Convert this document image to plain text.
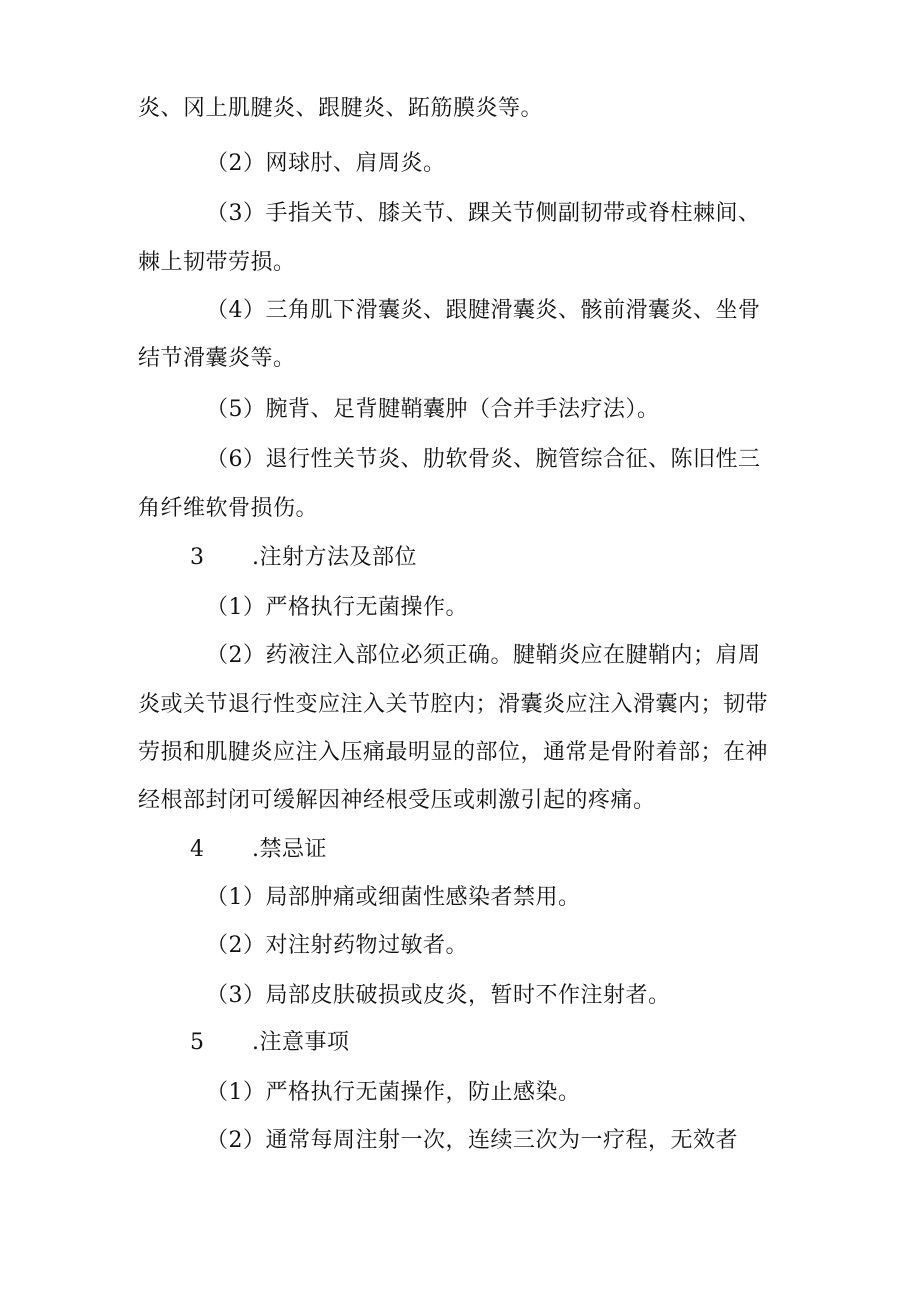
炎、冈上肌腱炎、跟腱炎、跖筋膜炎等。
（2）网球肘、肩周炎。
（3）手指关节、膝关节、踝关节侧副韧带或脊柱棘间、
棘上韧带劳损。
（4）三角肌下滑囊炎、跟腱滑囊炎、骸前滑囊炎、坐骨
结节滑囊炎等。
（5）腕背、足背腱鞘囊肿（合并手法疗法）。
（6）退行性关节炎、肋软骨炎、腕管综合征、陈旧性三
角纤维软骨损伤。
3 .注射方法及部位
（1）严格执行无菌操作。
（2）药液注入部位必须正确。腱鞘炎应在腱鞘内；肩周
炎或关节退行性变应注入关节腔内；滑囊炎应注入滑囊内；韧带
劳损和肌腱炎应注入压痛最明显的部位，通常是骨附着部；在神
经根部封闭可缓解因神经根受压或刺激引起的疼痛。
4 .禁忌证
（1）局部肿痛或细菌性感染者禁用。
（2）对注射药物过敏者。
（3）局部皮肤破损或皮炎，暂时不作注射者。
5 .注意事项
（1）严格执行无菌操作，防止感染。
（2）通常每周注射一次，连续三次为一疗程，无效者
